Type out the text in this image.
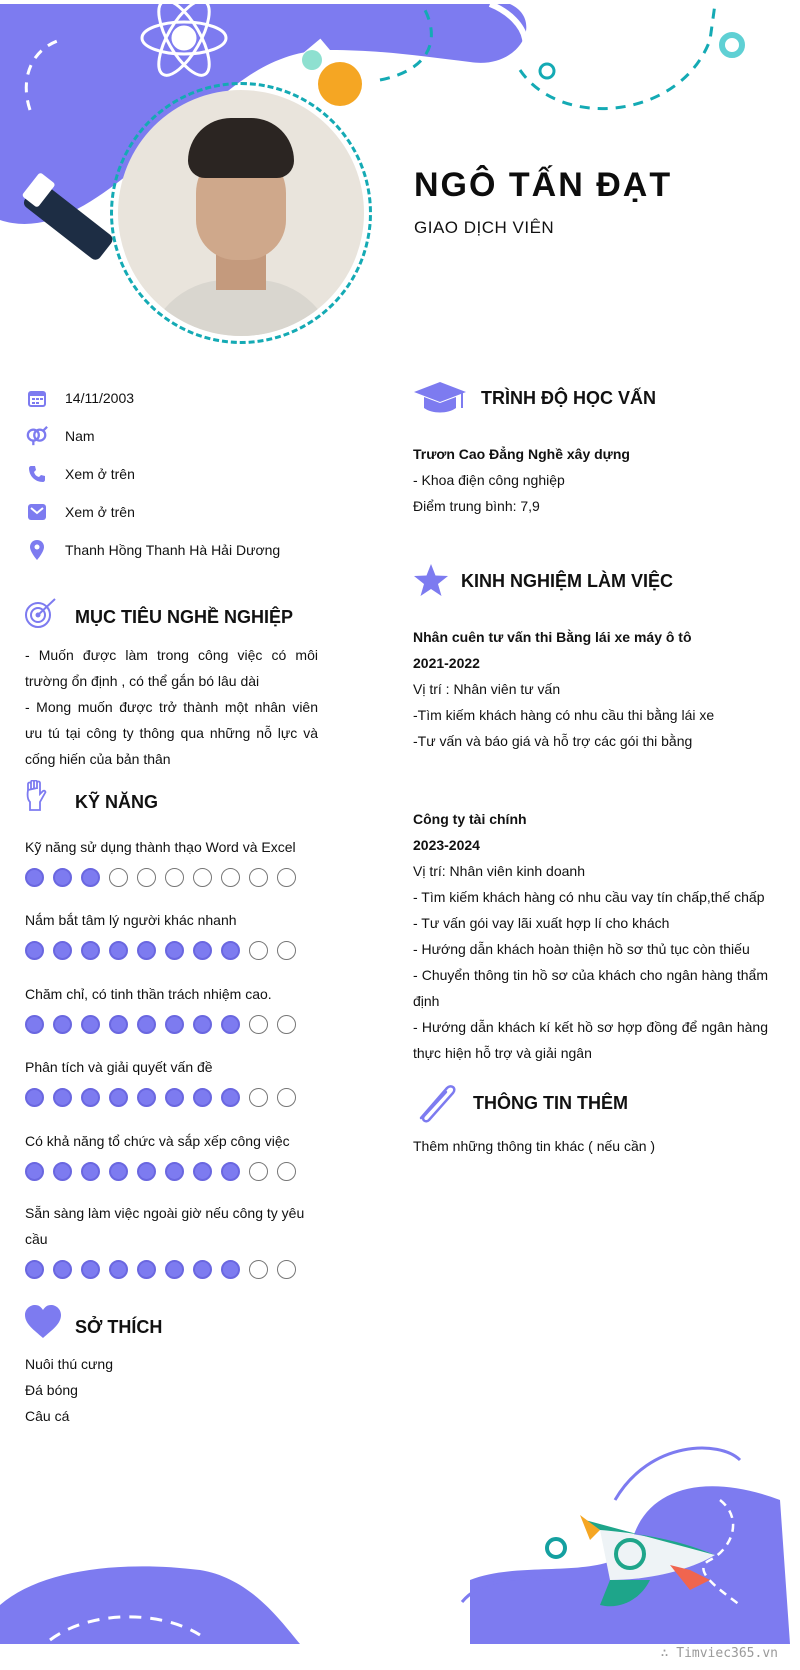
NGÔ TẤN ĐẠT
GIAO DỊCH VIÊN
14/11/2003
Nam
Xem ở trên
Xem ở trên
Thanh Hồng Thanh Hà Hải Dương
MỤC TIÊU NGHỀ NGHIỆP
- Muốn được làm trong công việc có môi trường ổn định , có thể gắn bó lâu dài
- Mong muốn được trở thành một nhân viên ưu tú tại công ty thông qua những nỗ lực và cống hiến của bản thân
KỸ NĂNG
Kỹ năng sử dụng thành thạo Word và Excel
Nắm bắt tâm lý người khác nhanh
Chăm chỉ, có tinh thần trách nhiệm cao.
Phân tích và giải quyết vấn đề
Có khả năng tổ chức và sắp xếp công việc
Sẵn sàng làm việc ngoài giờ nếu công ty yêu cầu
SỞ THÍCH
Nuôi thú cưng
Đá bóng
Câu cá
TRÌNH ĐỘ HỌC VẤN
Trươn Cao Đẳng Nghề xây dựng
- Khoa điện công nghiệp
Điểm trung bình: 7,9
KINH NGHIỆM LÀM VIỆC
Nhân cuên tư vấn thi Bằng lái xe máy ô tô
2021-2022
Vị trí : Nhân viên tư vấn
-Tìm kiếm khách hàng có nhu cầu thi bằng lái xe
-Tư vấn và báo giá và hỗ trợ các gói thi bằng
Công ty tài chính
2023-2024
Vị trí: Nhân viên kinh doanh
- Tìm kiếm khách hàng có nhu cầu vay tín chấp,thế chấp
- Tư vấn gói vay lãi xuất hợp lí cho khách
- Hướng dẫn khách hoàn thiện hồ sơ thủ tục còn thiếu
- Chuyển thông tin hồ sơ của khách cho ngân hàng thẩm định
- Hướng dẫn khách kí kết hồ sơ hợp đồng để ngân hàng thực hiện hỗ trợ và giải ngân
THÔNG TIN THÊM
Thêm những thông tin khác ( nếu cần )
∴ Timviec365.vn
